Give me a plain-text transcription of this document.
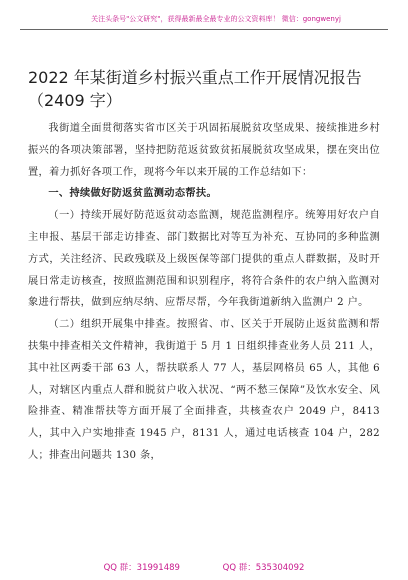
关注头条号"公文研究"，获得最新最全最专业的公文资料库！ 微信：gongwenyj
2022 年某街道乡村振兴重点工作开展情况报告（2409 字）

我街道全面贯彻落实省市区关于巩固拓展脱贫攻坚成果、接续推进乡村振兴的各项决策部署，坚持把防范返贫致贫拓展脱贫攻坚成果，摆在突出位置，着力抓好各项工作，现将今年以来开展的工作总结如下：

一、持续做好防返贫监测动态帮扶。

（一）持续开展好防范返贫动态监测，规范监测程序。统筹用好农户自主申报、基层干部走访排查、部门数据比对等互为补充、互协同的多种监测方式，关注经济、民政残联及上级医保等部门提供的重点人群数据，及时开展日常走访核查，按照监测范围和识别程序，将符合条件的农户纳入监测对象进行帮扶，做到应纳尽纳、应帮尽帮，今年我街道新纳入监测户 2 户。

（二）组织开展集中排查。按照省、市、区关于开展防止返贫监测和帮扶集中排查相关文件精神，我街道于 5 月 1 日组织排查业务人员 211 人，其中社区两委干部 63 人，帮扶联系人 77 人，基层网格员 65 人，其他 6 人，对辖区内重点人群和脱贫户收入状况、“两不愁三保障”及饮水安全、风险排查、精准帮扶等方面开展了全面排查，共核查农户 2049 户，8413 人，其中入户实地排查 1945 户，8131 人，通过电话核查 104 户，282 人；排查出问题共 130 条，

QQ 群：31991489	QQ 群：535304092
